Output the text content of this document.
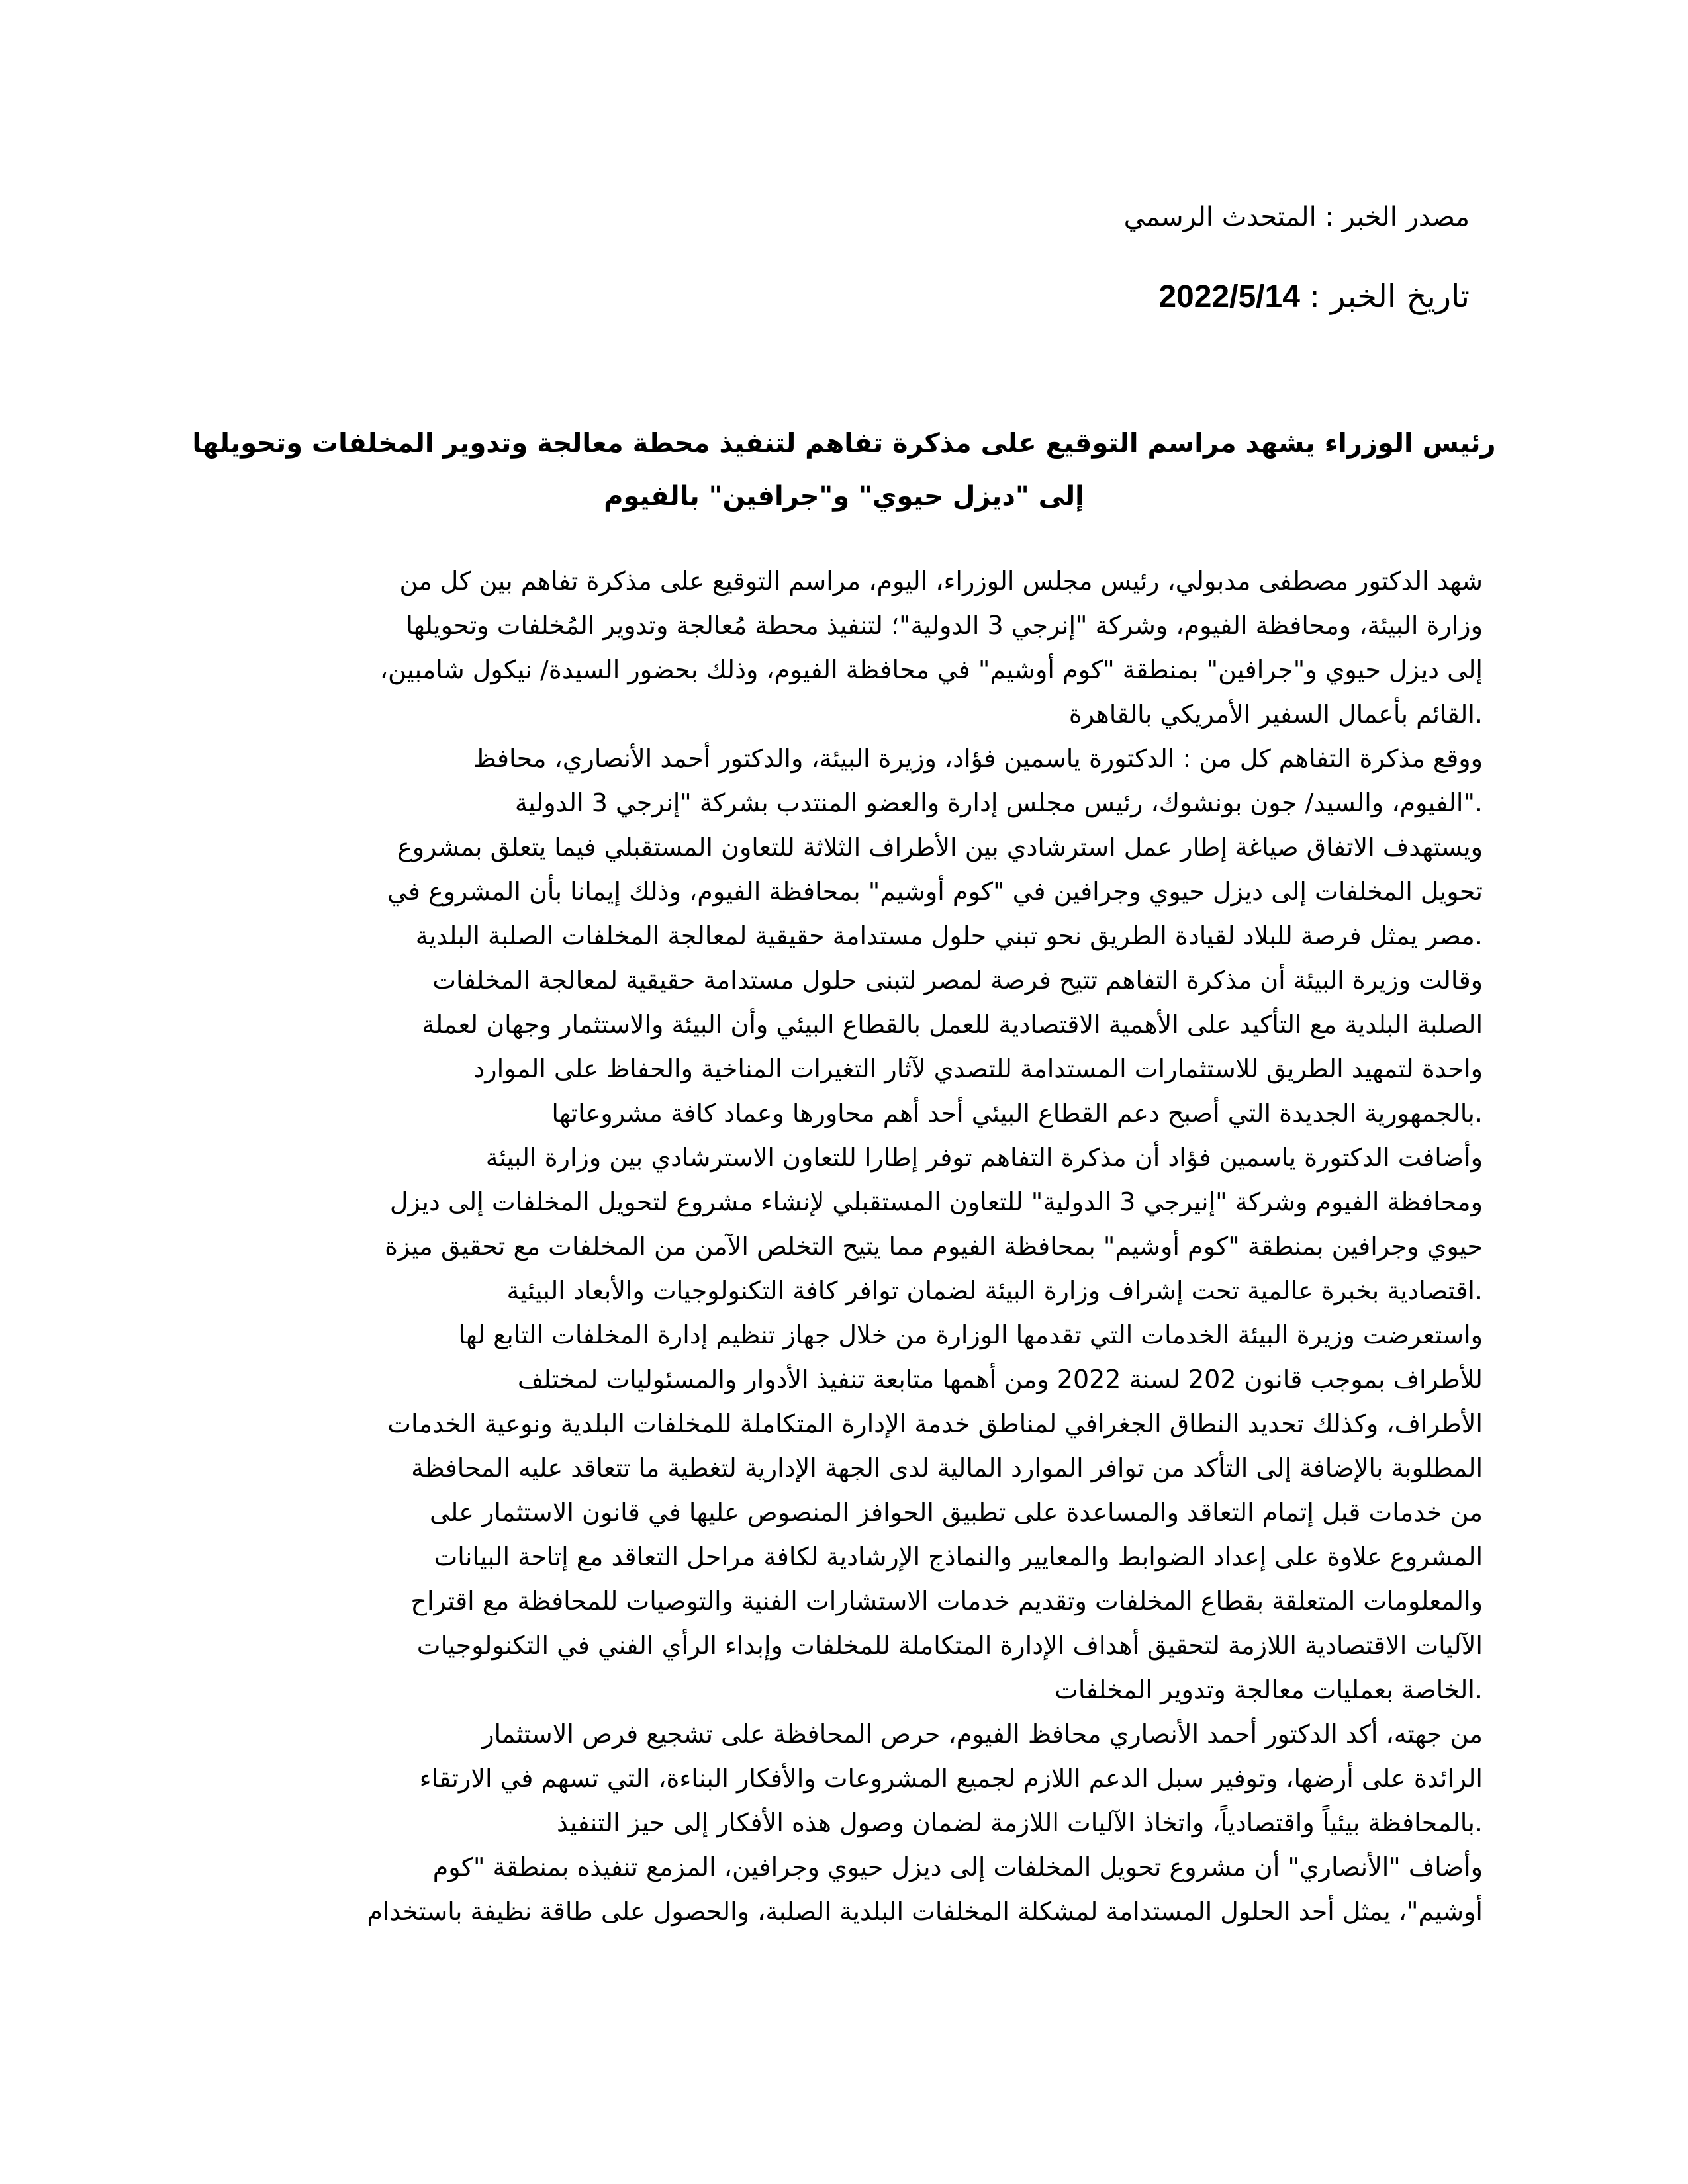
مصدر الخبر : المتحدث الرسمي
تاريخ الخبر :2022/5/14
رئيس الوزراء يشهد مراسم التوقيع على مذكرة تفاهم لتنفيذ محطة معالجة وتدوير المخلفات وتحويلها
إلى "ديزل حيوي" و"جرافين" بالفيوم
شهد الدكتور مصطفى مدبولي، رئيس مجلس الوزراء، اليوم، مراسم التوقيع على مذكرة تفاهم بين كل من
وزارة البيئة، ومحافظة الفيوم، وشركة "إنرجي 3 الدولية"؛ لتنفيذ محطة مُعالجة وتدوير المُخلفات وتحويلها
إلى ديزل حيوي و"جرافين" بمنطقة "كوم أوشيم" في محافظة الفيوم، وذلك بحضور السيدة/ نيكول شامبين،
.القائم بأعمال السفير الأمريكي بالقاهرة
ووقع مذكرة التفاهم كل من : الدكتورة ياسمين فؤاد، وزيرة البيئة، والدكتور أحمد الأنصاري، محافظ
."الفيوم، والسيد/ جون بونشوك، رئيس مجلس إدارة والعضو المنتدب بشركة "إنرجي 3 الدولية
ويستهدف الاتفاق صياغة إطار عمل استرشادي بين الأطراف الثلاثة للتعاون المستقبلي فيما يتعلق بمشروع
تحويل المخلفات إلى ديزل حيوي وجرافين في "كوم أوشيم" بمحافظة الفيوم، وذلك إيمانا بأن المشروع في
.مصر يمثل فرصة للبلاد لقيادة الطريق نحو تبني حلول مستدامة حقيقية لمعالجة المخلفات الصلبة البلدية
وقالت وزيرة البيئة أن مذكرة التفاهم تتيح فرصة لمصر لتبنى حلول مستدامة حقيقية لمعالجة المخلفات
الصلبة البلدية مع التأكيد على الأهمية الاقتصادية للعمل بالقطاع البيئي وأن البيئة والاستثمار وجهان لعملة
واحدة لتمهيد الطريق للاستثمارات المستدامة للتصدي لآثار التغيرات المناخية والحفاظ على الموارد
.بالجمهورية الجديدة التي أصبح دعم القطاع البيئي أحد أهم محاورها وعماد كافة مشروعاتها
وأضافت الدكتورة ياسمين فؤاد أن مذكرة التفاهم توفر إطارا للتعاون الاسترشادي بين وزارة البيئة
ومحافظة الفيوم وشركة "إنيرجي 3 الدولية" للتعاون المستقبلي لإنشاء مشروع لتحويل المخلفات إلى ديزل
حيوي وجرافين بمنطقة "كوم أوشيم" بمحافظة الفيوم مما يتيح التخلص الآمن من المخلفات مع تحقيق ميزة
.اقتصادية بخبرة عالمية تحت إشراف وزارة البيئة لضمان توافر كافة التكنولوجيات والأبعاد البيئية
واستعرضت وزيرة البيئة الخدمات التي تقدمها الوزارة من خلال جهاز تنظيم إدارة المخلفات التابع لها
للأطراف بموجب قانون 202 لسنة 2022 ومن أهمها متابعة تنفيذ الأدوار والمسئوليات لمختلف
الأطراف، وكذلك تحديد النطاق الجغرافي لمناطق خدمة الإدارة المتكاملة للمخلفات البلدية ونوعية الخدمات
المطلوبة بالإضافة إلى التأكد من توافر الموارد المالية لدى الجهة الإدارية لتغطية ما تتعاقد عليه المحافظة
من خدمات قبل إتمام التعاقد والمساعدة على تطبيق الحوافز المنصوص عليها في قانون الاستثمار على
المشروع علاوة على إعداد الضوابط والمعايير والنماذج الإرشادية لكافة مراحل التعاقد مع إتاحة البيانات
والمعلومات المتعلقة بقطاع المخلفات وتقديم خدمات الاستشارات الفنية والتوصيات للمحافظة مع اقتراح
الآليات الاقتصادية اللازمة لتحقيق أهداف الإدارة المتكاملة للمخلفات وإبداء الرأي الفني في التكنولوجيات
.الخاصة بعمليات معالجة وتدوير المخلفات
من جهته، أكد الدكتور أحمد الأنصاري محافظ الفيوم، حرص المحافظة على تشجيع فرص الاستثمار
الرائدة على أرضها، وتوفير سبل الدعم اللازم لجميع المشروعات والأفكار البناءة، التي تسهم في الارتقاء
.بالمحافظة بيئياً واقتصادياً، واتخاذ الآليات اللازمة لضمان وصول هذه الأفكار إلى حيز التنفيذ
وأضاف "الأنصاري" أن مشروع تحويل المخلفات إلى ديزل حيوي وجرافين، المزمع تنفيذه بمنطقة "كوم
أوشيم"، يمثل أحد الحلول المستدامة لمشكلة المخلفات البلدية الصلبة، والحصول على طاقة نظيفة باستخدام
